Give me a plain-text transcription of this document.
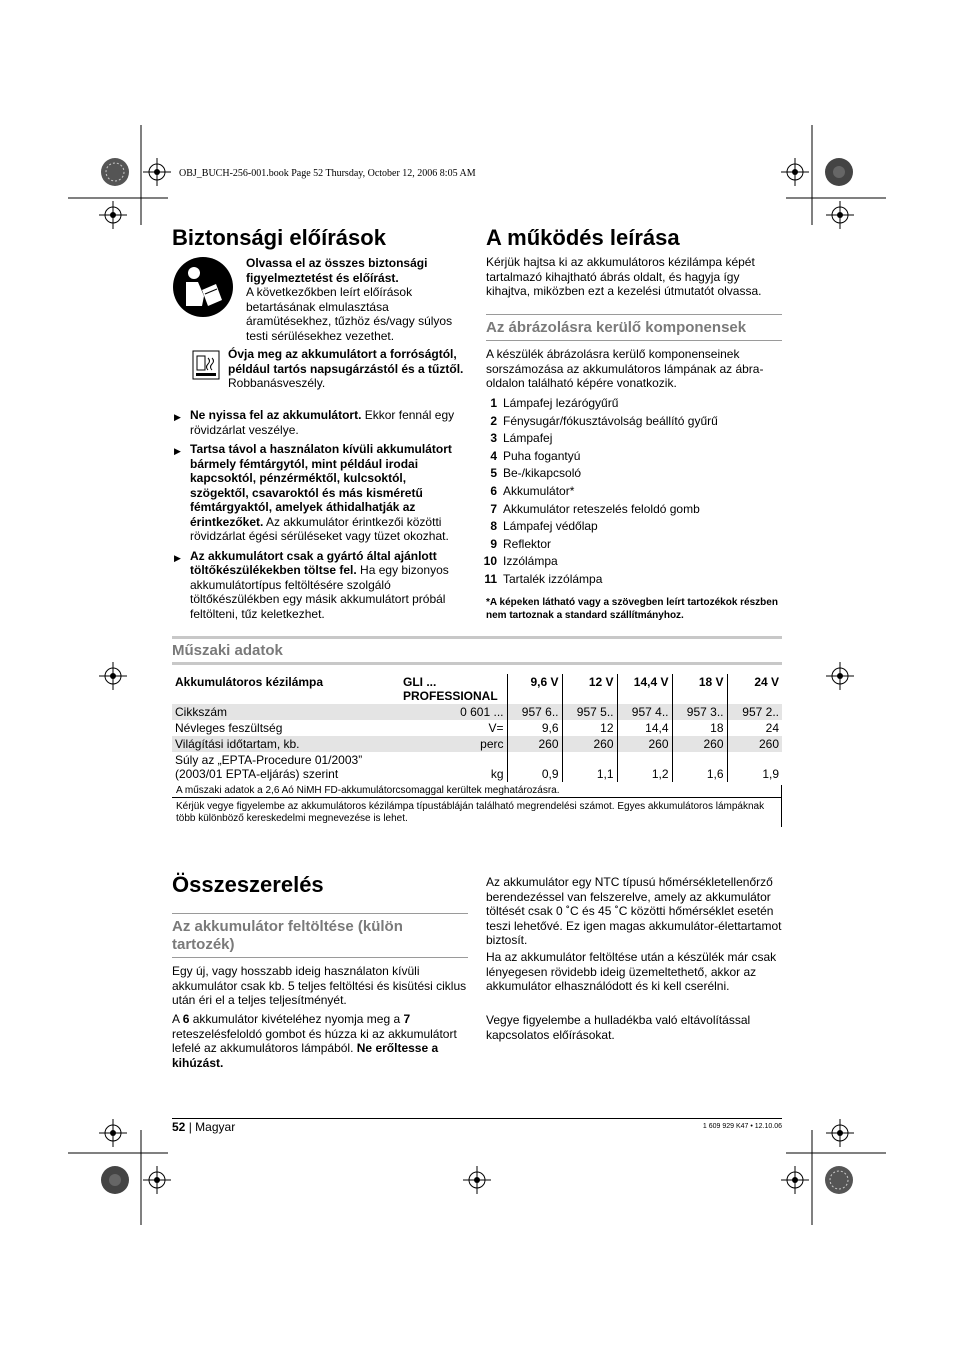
OBJ_BUCH-256-001.book Page 52 Thursday, October 12, 2006 8:05 AM
Biztonsági előírások
Olvassa el az összes biztonsági figyelmeztetést és előírást.
A következőkben leírt előírások betartásának elmulasztása áramütésekhez, tűzhöz és/vagy súlyos testi sérülésekhez vezethet.
Óvja meg az akkumulátort a forróságtól, például tartós napsugárzástól és a tűztől.
Robbanásveszély.
▶ Ne nyissa fel az akkumulátort. Ekkor fennál egy rövidzárlat veszélye.
▶ Tartsa távol a használaton kívüli akkumulátort bármely fémtárgytól, mint például irodai kapcsoktól, pénzérméktől, kulcsoktól, szögektől, csavaroktól és más kisméretű fémtárgyaktól, amelyek áthidalhatják az érintkezőket. Az akkumulátor érintkezői közötti rövidzárlat égési sérüléseket vagy tüzet okozhat.
▶ Az akkumulátort csak a gyártó által ajánlott töltőkészülékekben töltse fel. Ha egy bizonyos akkumulátortípus feltöltésére szolgáló töltőkészülékben egy másik akkumulátort próbál feltölteni, tűz keletkezhet.
A működés leírása
Kérjük hajtsa ki az akkumulátoros kézilámpa képét tartalmazó kihajtható ábrás oldalt, és hagyja így kihajtva, miközben ezt a kezelési útmutatót olvassa.
Az ábrázolásra kerülő komponensek
A készülék ábrázolásra kerülő komponenseinek sorszámozása az akkumulátoros lámpának az ábra-oldalon található képére vonatkozik.
1 Lámpafej lezárógyűrű
2 Fénysugár/fókusztávolság beállító gyűrű
3 Lámpafej
4 Puha fogantyú
5 Be-/kikapcsoló
6 Akkumulátor*
7 Akkumulátor reteszelés feloldó gomb
8 Lámpafej védőlap
9 Reflektor
10 Izzólámpa
11 Tartalék izzólámpa
*A képeken látható vagy a szövegben leírt tartozékok részben nem tartoznak a standard szállítmányhoz.
Műszaki adatok
Akkumulátoros kézilámpa	GLI ...
PROFESSIONAL	9,6 V	12 V	14,4 V	18 V	24 V
Cikkszám	0 601 ...	957 6..	957 5..	957 4..	957 3..	957 2..
Névleges feszültség	V=	9,6	12	14,4	18	24
Világítási időtartam, kb.	perc	260	260	260	260	260
Súly az „EPTA-Procedure 01/2003”
(2003/01 EPTA-eljárás) szerint	kg	0,9	1,1	1,2	1,6	1,9
A műszaki adatok a 2,6 Aó NiMH FD-akkumulátorcsomaggal kerültek meghatározásra.
Kérjük vegye figyelembe az akkumulátoros kézilámpa típustábláján található megrendelési számot. Egyes akkumulátoros lámpáknak több különböző kereskedelmi megnevezése is lehet.
Összeszerelés
Az akkumulátor feltöltése (külön tartozék)
Egy új, vagy hosszabb ideig használaton kívüli akkumulátor csak kb. 5 teljes feltöltési és kisütési ciklus után éri el a teljes teljesítményét.
A 6 akkumulátor kivételéhez nyomja meg a 7 reteszelésfeloldó gombot és húzza ki az akkumulátort lefelé az akkumulátoros lámpából. Ne erőltesse a kihúzást.
Az akkumulátor egy NTC típusú hőmérsékletellenőrző berendezéssel van felszerelve, amely az akkumulátor töltését csak 0 ˚C és 45 ˚C közötti hőmérséklet esetén teszi lehetővé. Ez igen magas akkumulátor-élettartamot biztosít.
Ha az akkumulátor feltöltése után a készülék már csak lényegesen rövidebb ideig üzemeltethető, akkor az akkumulátor elhasználódott és ki kell cserélni.
Vegye figyelembe a hulladékba való eltávolítással kapcsolatos előírásokat.
52 | Magyar	1 609 929 K47 • 12.10.06
